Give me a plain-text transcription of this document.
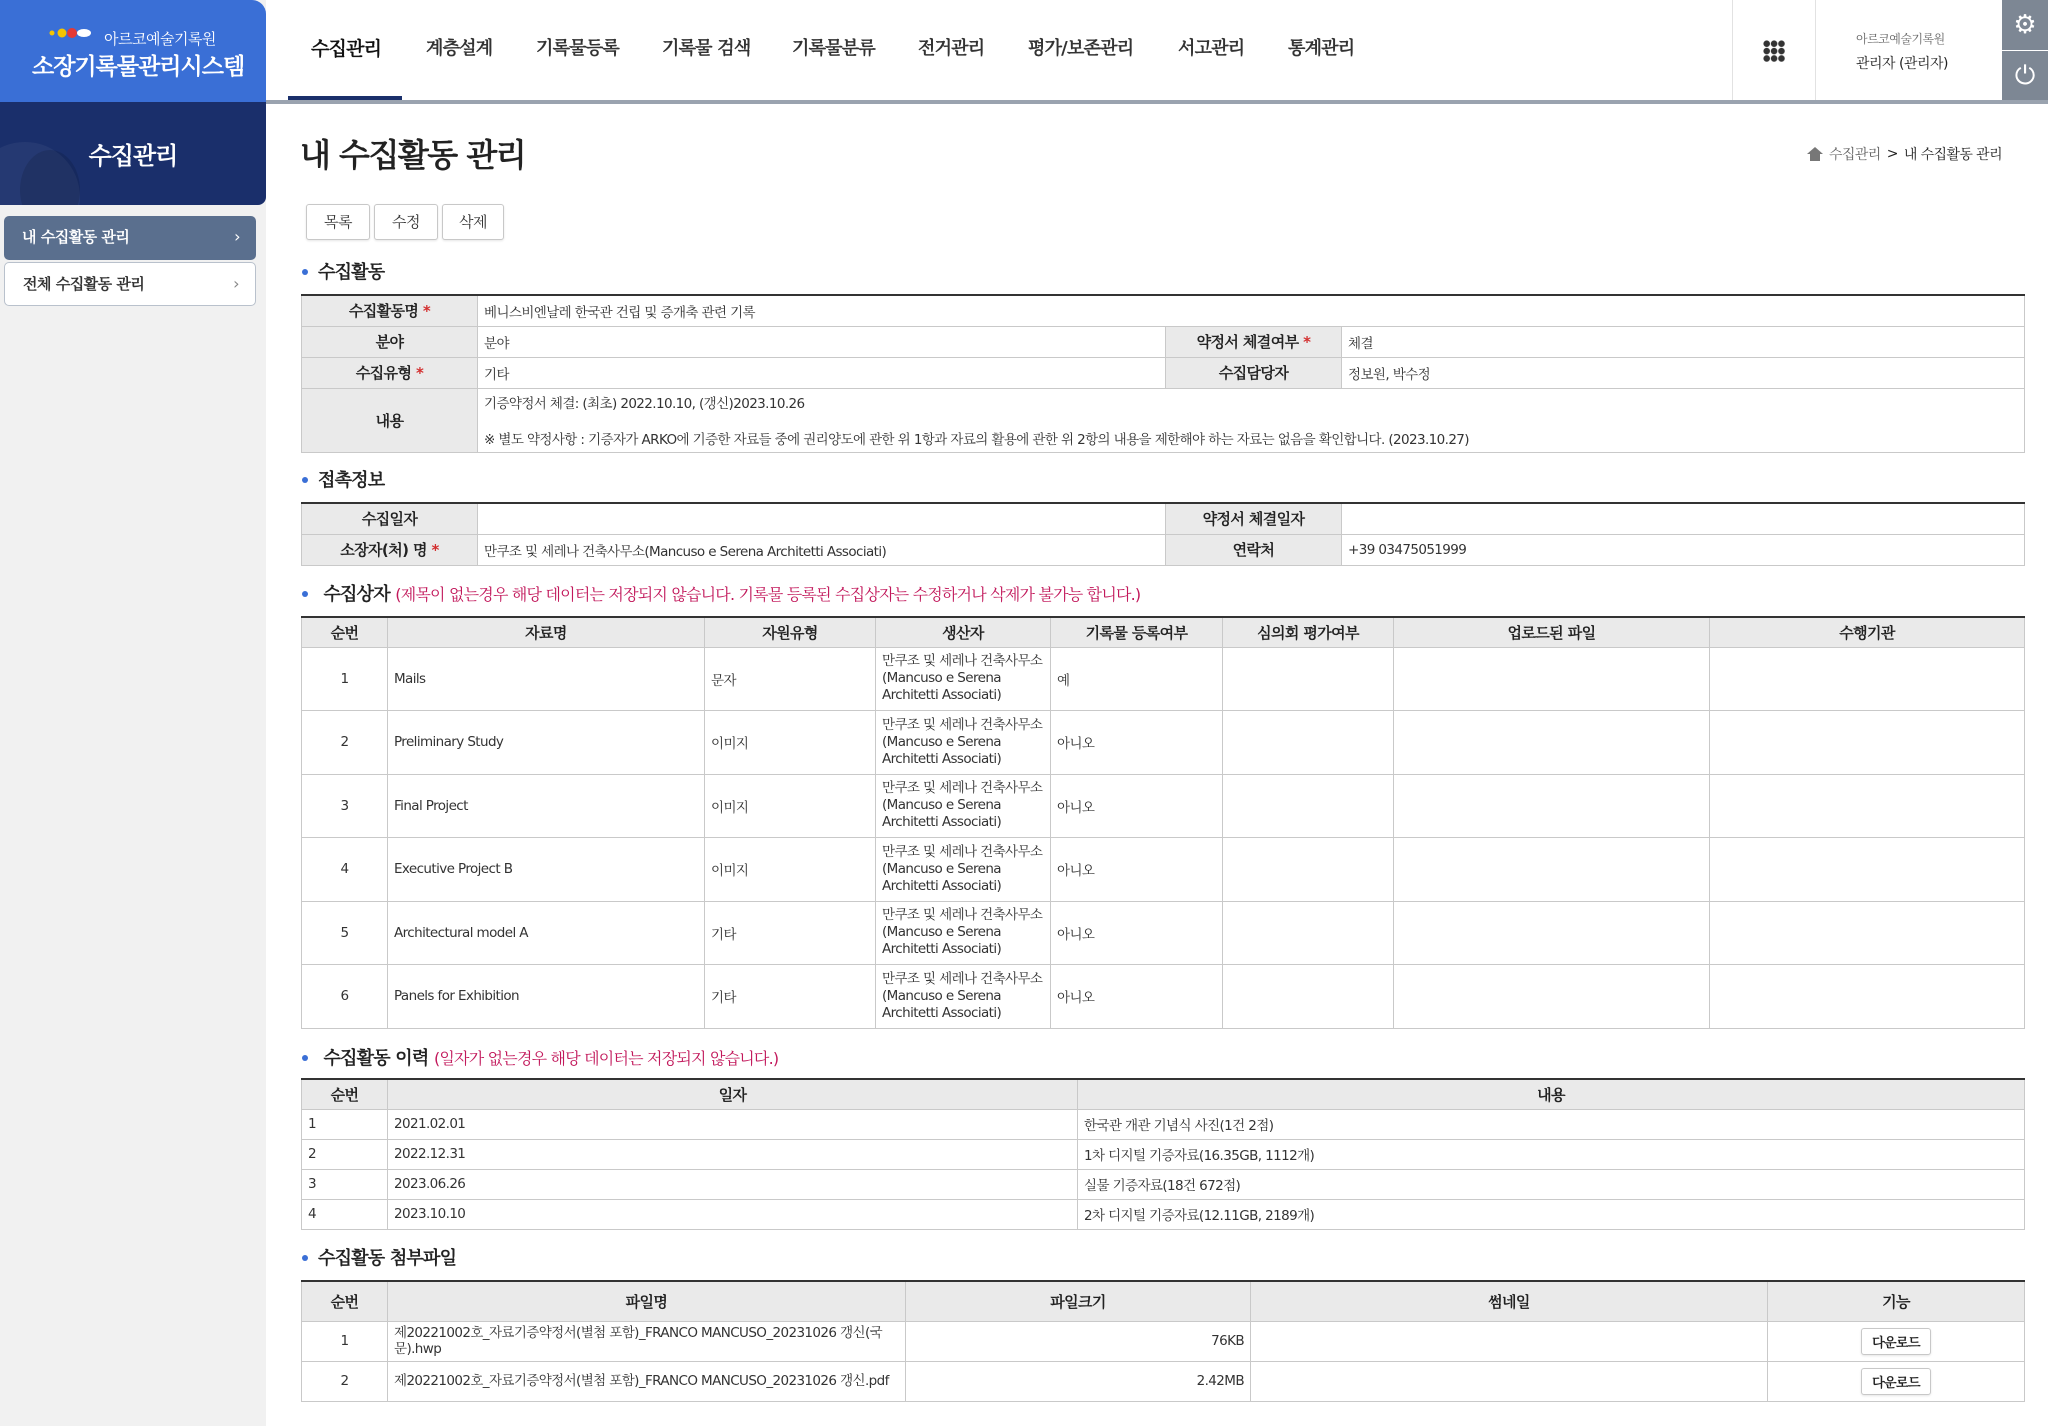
아르코예술기록원
소장기록물관리시스템
수집관리
내 수집활동 관리	›
전체 수집활동 관리	›
수집관리 계층설계 기록물등록 기록물 검색 기록물분류 전거관리 평가/보존관리 서고관리 통계관리	아르코예술기록원
관리자 (관리자)
⚙
⏻
내 수집활동 관리	수집관리 > 내 수집활동 관리
목록	수정	삭제
수집활동
수집활동명 *	베니스비엔날레 한국관 건립 및 증개축 관련 기록		
분야	분야	약정서 체결여부 *	체결
수집유형 *	기타	수집담당자	정보원, 박수정
내용	기증약정서 체결: (최초) 2022.10.10, (갱신)2023.10.26
※ 별도 약정사항 : 기증자가 ARKO에 기증한 자료들 중에 권리양도에 관한 위 1항과 자료의 활용에 관한 위 2항의 내용을 제한해야 하는 자료는 없음을 확인합니다. (2023.10.27)		
접촉정보
수집일자		약정서 체결일자	
소장자(처) 명 *	만쿠조 및 세레나 건축사무소(Mancuso e Serena Architetti Associati)	연락처	+39 03475051999
수집상자 (제목이 없는경우 해당 데이터는 저장되지 않습니다. 기록물 등록된 수집상자는 수정하거나 삭제가 불가능 합니다.)
순번	자료명	자원유형	생산자	기록물 등록여부	심의회 평가여부	업로드된 파일	수행기관
1	Mails	문자	만쿠조 및 세레나 건축사무소(Mancuso e Serena Architetti Associati)	예			
2	Preliminary Study	이미지	만쿠조 및 세레나 건축사무소(Mancuso e Serena Architetti Associati)	아니오			
3	Final Project	이미지	만쿠조 및 세레나 건축사무소(Mancuso e Serena Architetti Associati)	아니오			
4	Executive Project B	이미지	만쿠조 및 세레나 건축사무소(Mancuso e Serena Architetti Associati)	아니오			
5	Architectural model A	기타	만쿠조 및 세레나 건축사무소(Mancuso e Serena Architetti Associati)	아니오			
6	Panels for Exhibition	기타	만쿠조 및 세레나 건축사무소(Mancuso e Serena Architetti Associati)	아니오			
수집활동 이력 (일자가 없는경우 해당 데이터는 저장되지 않습니다.)
순번	일자	내용
1	2021.02.01	한국관 개관 기념식 사진(1건 2점)
2	2022.12.31	1차 디지털 기증자료(16.35GB, 1112개)
3	2023.06.26	실물 기증자료(18건 672점)
4	2023.10.10	2차 디지털 기증자료(12.11GB, 2189개)
수집활동 첨부파일
순번	파일명	파일크기	썸네일	기능
1	제20221002호_자료기증약정서(별첨 포함)_FRANCO MANCUSO_20231026 갱신(국문).hwp	76KB		다운로드
2	제20221002호_자료기증약정서(별첨 포함)_FRANCO MANCUSO_20231026 갱신.pdf	2.42MB		다운로드
